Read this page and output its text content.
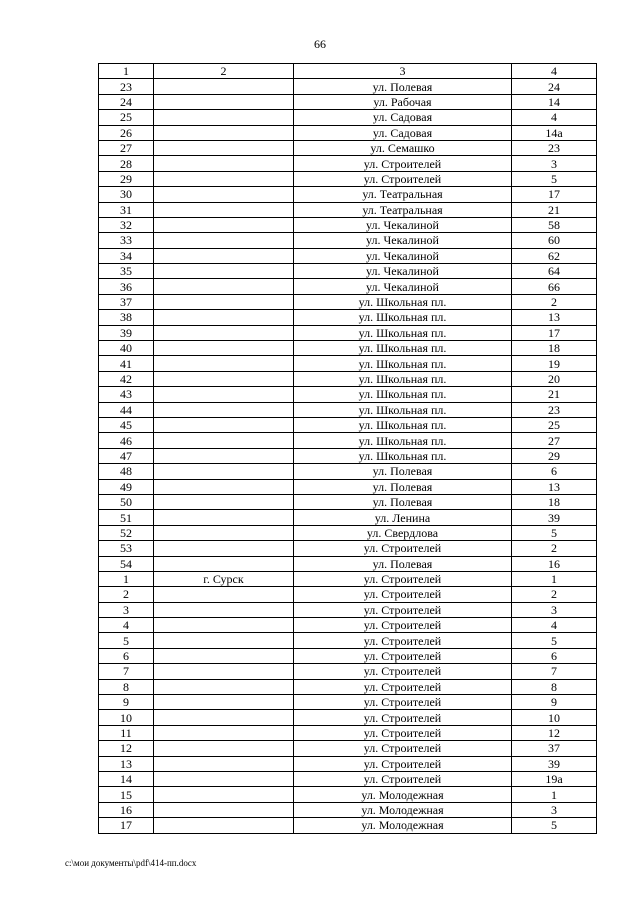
66
1	2	3	4
23		ул. Полевая	24
24		ул. Рабочая	14
25		ул. Садовая	4
26		ул. Садовая	14а
27		ул. Семашко	23
28		ул. Строителей	3
29		ул. Строителей	5
30		ул. Театральная	17
31		ул. Театральная	21
32		ул. Чекалиной	58
33		ул. Чекалиной	60
34		ул. Чекалиной	62
35		ул. Чекалиной	64
36		ул. Чекалиной	66
37		ул. Школьная пл.	2
38		ул. Школьная пл.	13
39		ул. Школьная пл.	17
40		ул. Школьная пл.	18
41		ул. Школьная пл.	19
42		ул. Школьная пл.	20
43		ул. Школьная пл.	21
44		ул. Школьная пл.	23
45		ул. Школьная пл.	25
46		ул. Школьная пл.	27
47		ул. Школьная пл.	29
48		ул. Полевая	6
49		ул. Полевая	13
50		ул. Полевая	18
51		ул. Ленина	39
52		ул. Свердлова	5
53		ул. Строителей	2
54		ул. Полевая	16
1	г. Сурск	ул. Строителей	1
2		ул. Строителей	2
3		ул. Строителей	3
4		ул. Строителей	4
5		ул. Строителей	5
6		ул. Строителей	6
7		ул. Строителей	7
8		ул. Строителей	8
9		ул. Строителей	9
10		ул. Строителей	10
11		ул. Строителей	12
12		ул. Строителей	37
13		ул. Строителей	39
14		ул. Строителей	19а
15		ул. Молодежная	1
16		ул. Молодежная	3
17		ул. Молодежная	5
c:\мои документы\pdf\414-пп.docx
